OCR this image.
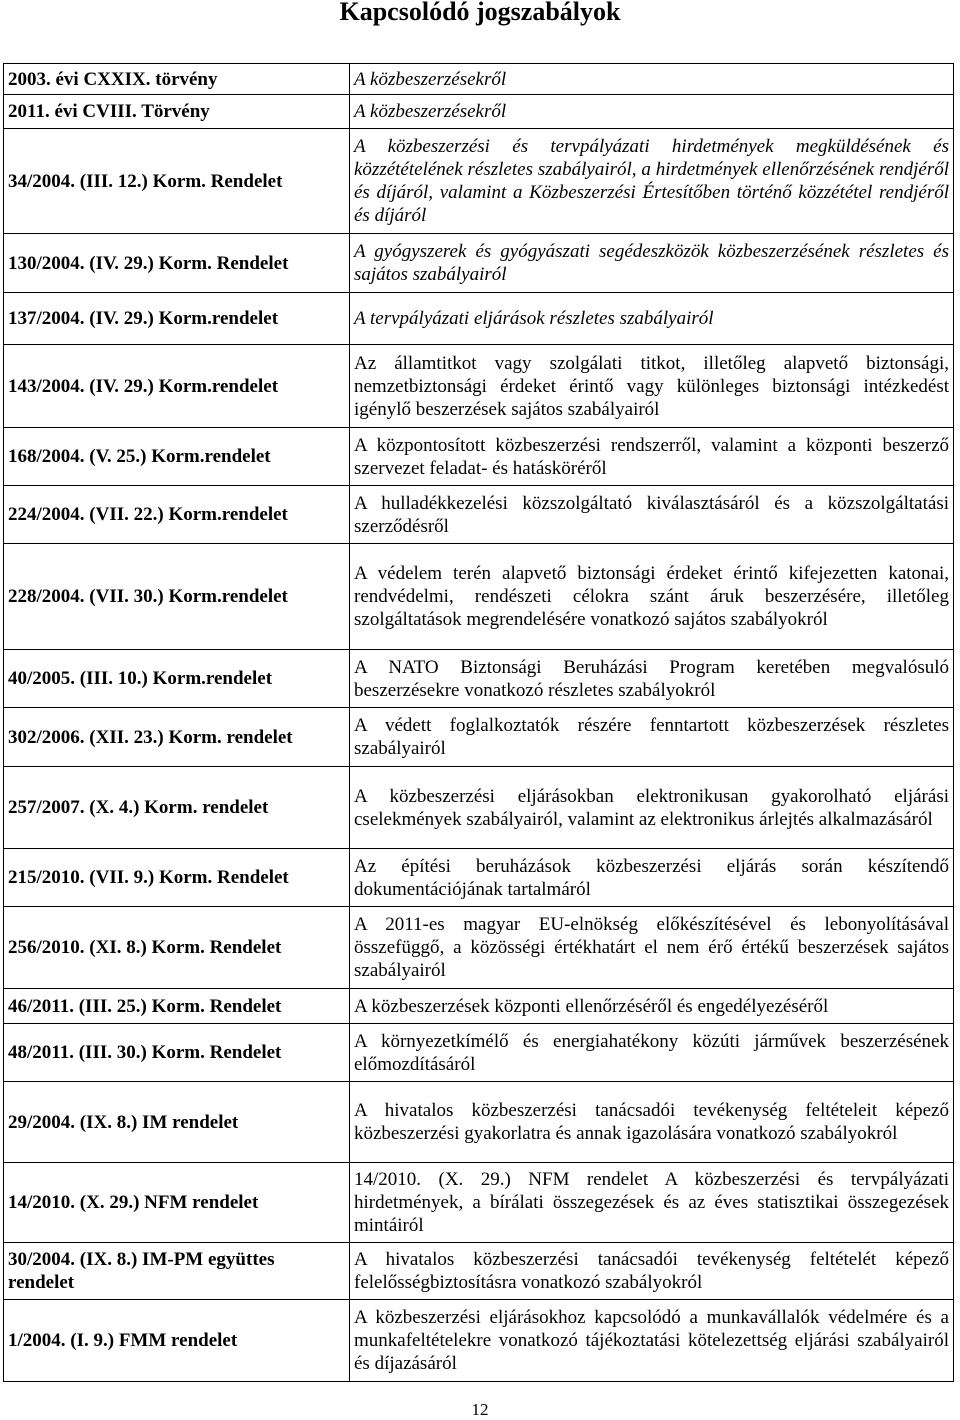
Kapcsolódó jogszabályok
2003. évi CXXIX. törvény	A közbeszerzésekről
2011. évi CVIII. Törvény	A közbeszerzésekről
34/2004. (III. 12.) Korm. Rendelet	A közbeszerzési és tervpályázati hirdetmények megküldésének és közzétételének részletes szabályairól, a hirdetmények ellenőrzésének rendjéről és díjáról, valamint a Közbeszerzési Értesítőben történő közzététel rendjéről és díjáról
130/2004. (IV. 29.) Korm. Rendelet	A gyógyszerek és gyógyászati segédeszközök közbeszerzésének részletes és sajátos szabályairól
137/2004. (IV. 29.) Korm.rendelet	A tervpályázati eljárások részletes szabályairól
143/2004. (IV. 29.) Korm.rendelet	Az államtitkot vagy szolgálati titkot, illetőleg alapvető biztonsági, nemzetbiztonsági érdeket érintő vagy különleges biztonsági intézkedést igénylő beszerzések sajátos szabályairól
168/2004. (V. 25.) Korm.rendelet	A központosított közbeszerzési rendszerről, valamint a központi beszerző szervezet feladat- és hatásköréről
224/2004. (VII. 22.) Korm.rendelet	A hulladékkezelési közszolgáltató kiválasztásáról és a közszolgáltatási szerződésről
228/2004. (VII. 30.) Korm.rendelet	A védelem terén alapvető biztonsági érdeket érintő kifejezetten katonai, rendvédelmi, rendészeti célokra szánt áruk beszerzésére, illetőleg szolgáltatások megrendelésére vonatkozó sajátos szabályokról
40/2005. (III. 10.) Korm.rendelet	A NATO Biztonsági Beruházási Program keretében megvalósuló beszerzésekre vonatkozó részletes szabályokról
302/2006. (XII. 23.) Korm. rendelet	A védett foglalkoztatók részére fenntartott közbeszerzések részletes szabályairól
257/2007. (X. 4.) Korm. rendelet	A közbeszerzési eljárásokban elektronikusan gyakorolható eljárási cselekmények szabályairól, valamint az elektronikus árlejtés alkalmazásáról
215/2010. (VII. 9.) Korm. Rendelet	Az építési beruházások közbeszerzési eljárás során készítendő dokumentációjának tartalmáról
256/2010. (XI. 8.) Korm. Rendelet	A 2011-es magyar EU-elnökség előkészítésével és lebonyolításával összefüggő, a közösségi értékhatárt el nem érő értékű beszerzések sajátos szabályairól
46/2011. (III. 25.) Korm. Rendelet	A közbeszerzések központi ellenőrzéséről és engedélyezéséről
48/2011. (III. 30.) Korm. Rendelet	A környezetkímélő és energiahatékony közúti járművek beszerzésének előmozdításáról
29/2004. (IX. 8.) IM rendelet	A hivatalos közbeszerzési tanácsadói tevékenység feltételeit képező közbeszerzési gyakorlatra és annak igazolására vonatkozó szabályokról
14/2010. (X. 29.) NFM rendelet	14/2010. (X. 29.) NFM rendelet A közbeszerzési és tervpályázati hirdetmények, a bírálati összegezések és az éves statisztikai összegezések mintáiról
30/2004. (IX. 8.) IM-PM együttes rendelet	A hivatalos közbeszerzési tanácsadói tevékenység feltételét képező felelősségbiztosításra vonatkozó szabályokról
1/2004. (I. 9.) FMM rendelet	A közbeszerzési eljárásokhoz kapcsolódó a munkavállalók védelmére és a munkafeltételekre vonatkozó tájékoztatási kötelezettség eljárási szabályairól és díjazásáról
12
